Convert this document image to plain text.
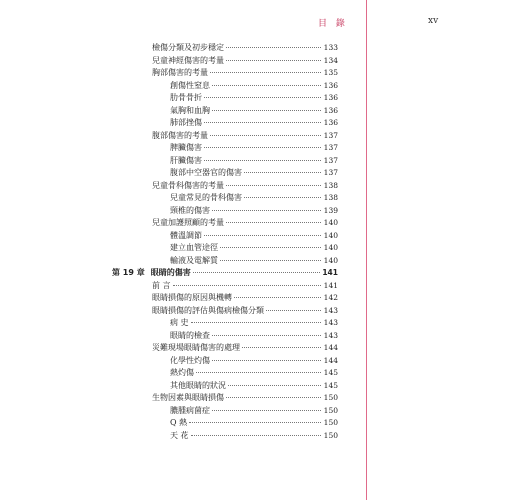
目 錄	xv
檢傷分類及初步穩定	133
兒童神經傷害的考量	134
胸部傷害的考量	135
創傷性窒息	136
肋骨骨折	136
氣胸和血胸	136
肺部挫傷	136
腹部傷害的考量	137
脾臟傷害	137
肝臟傷害	137
腹部中空器官的傷害	137
兒童骨科傷害的考量	138
兒童常見的骨科傷害	138
頸椎的傷害	139
兒童加護照顧的考量	140
體溫調節	140
建立血管途徑	140
輸液及電解質	140
第 19 章 眼睛的傷害	141
前 言	141
眼睛損傷的原因與機轉	142
眼睛損傷的評估與傷病檢傷分類	143
病 史	143
眼睛的檢查	143
災難現場眼睛傷害的處理	144
化學性灼傷	144
熱灼傷	145
其他眼睛的狀況	145
生物因素與眼睛損傷	150
膿腫病菌症	150
Q 熱	150
天 花	150
